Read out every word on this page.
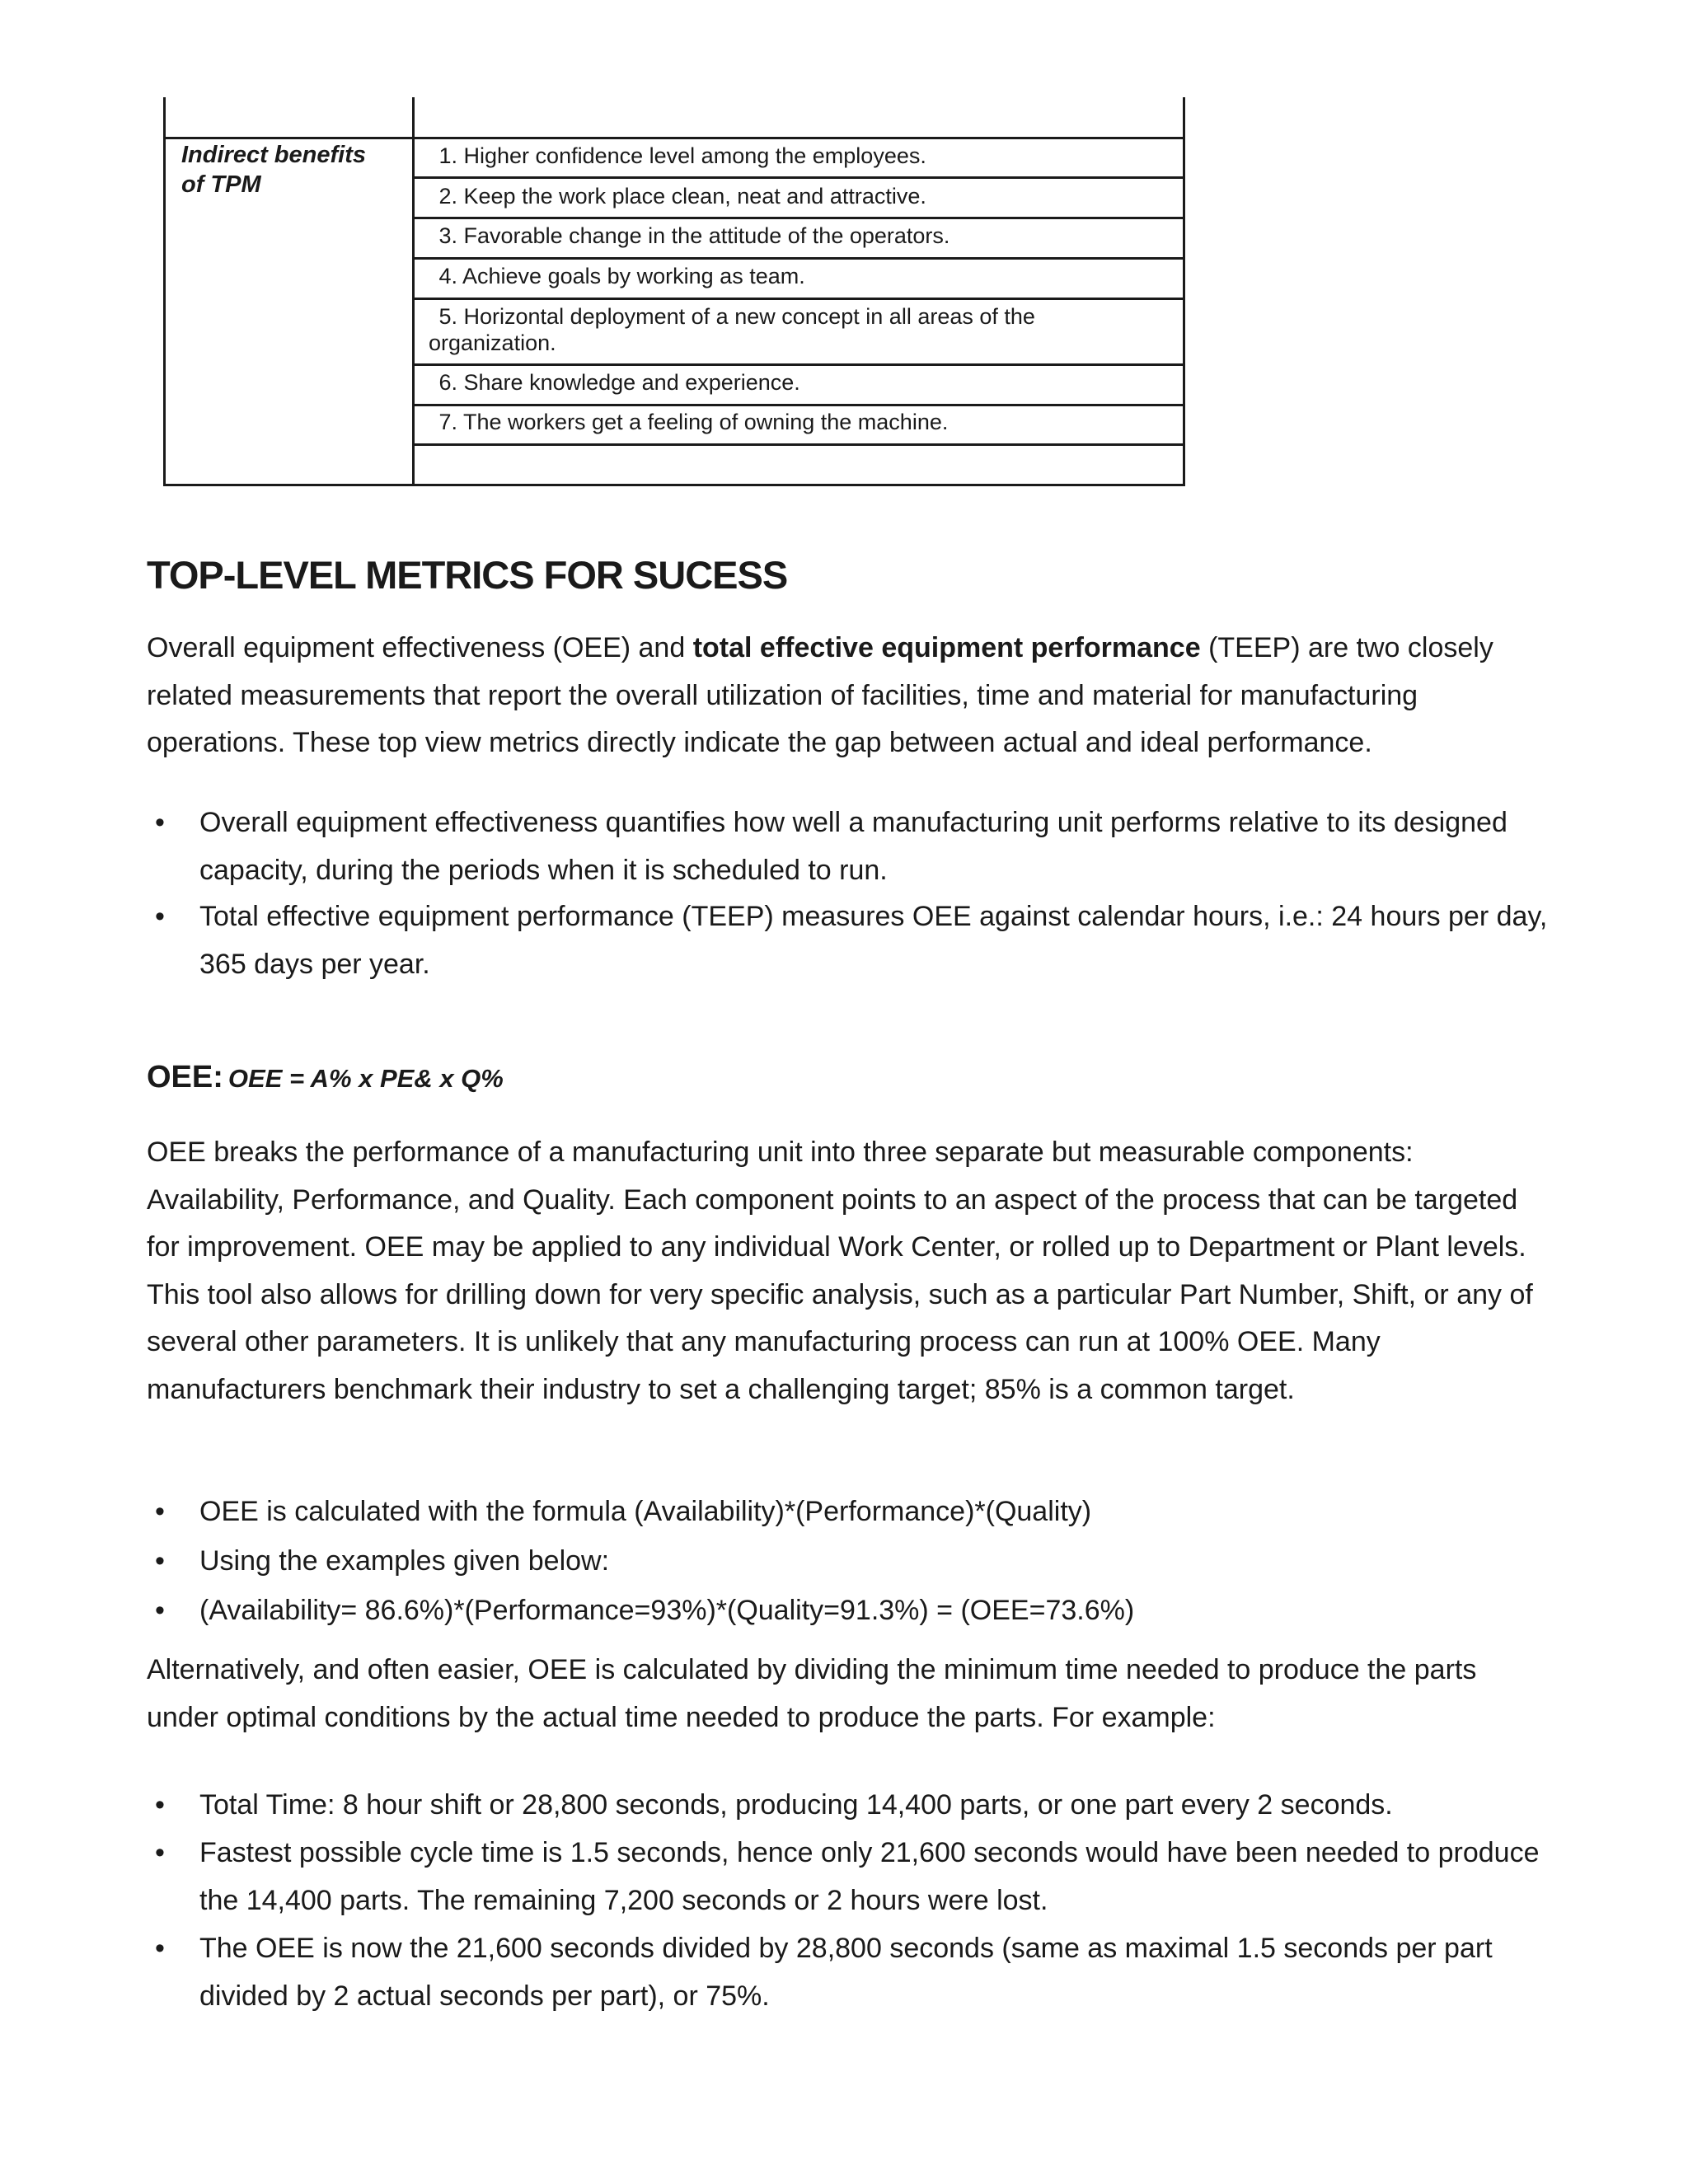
Indirect benefits of TPM
1. Higher confidence level among the employees.
2. Keep the work place clean, neat and attractive.
3. Favorable change in the attitude of the operators.
4. Achieve goals by working as team.
5. Horizontal deployment of a new concept in all areas of the
organization.
6. Share knowledge and experience.
7. The workers get a feeling of owning the machine.
TOP-LEVEL METRICS FOR SUCESS
Overall equipment effectiveness (OEE) and total effective equipment performance (TEEP) are two closely related measurements that report the overall utilization of facilities, time and material for manufacturing operations. These top view metrics directly indicate the gap between actual and ideal performance.
• Overall equipment effectiveness quantifies how well a manufacturing unit performs relative to its designed capacity, during the periods when it is scheduled to run.
• Total effective equipment performance (TEEP) measures OEE against calendar hours, i.e.: 24 hours per day, 365 days per year.
OEE: OEE = A% x PE& x Q%
OEE breaks the performance of a manufacturing unit into three separate but measurable components: Availability, Performance, and Quality. Each component points to an aspect of the process that can be targeted for improvement. OEE may be applied to any individual Work Center, or rolled up to Department or Plant levels. This tool also allows for drilling down for very specific analysis, such as a particular Part Number, Shift, or any of several other parameters. It is unlikely that any manufacturing process can run at 100% OEE. Many manufacturers benchmark their industry to set a challenging target; 85% is a common target.
• OEE is calculated with the formula (Availability)*(Performance)*(Quality)
• Using the examples given below:
• (Availability= 86.6%)*(Performance=93%)*(Quality=91.3%) = (OEE=73.6%)
Alternatively, and often easier, OEE is calculated by dividing the minimum time needed to produce the parts under optimal conditions by the actual time needed to produce the parts. For example:
• Total Time: 8 hour shift or 28,800 seconds, producing 14,400 parts, or one part every 2 seconds.
• Fastest possible cycle time is 1.5 seconds, hence only 21,600 seconds would have been needed to produce the 14,400 parts. The remaining 7,200 seconds or 2 hours were lost.
• The OEE is now the 21,600 seconds divided by 28,800 seconds (same as maximal 1.5 seconds per part divided by 2 actual seconds per part), or 75%.
